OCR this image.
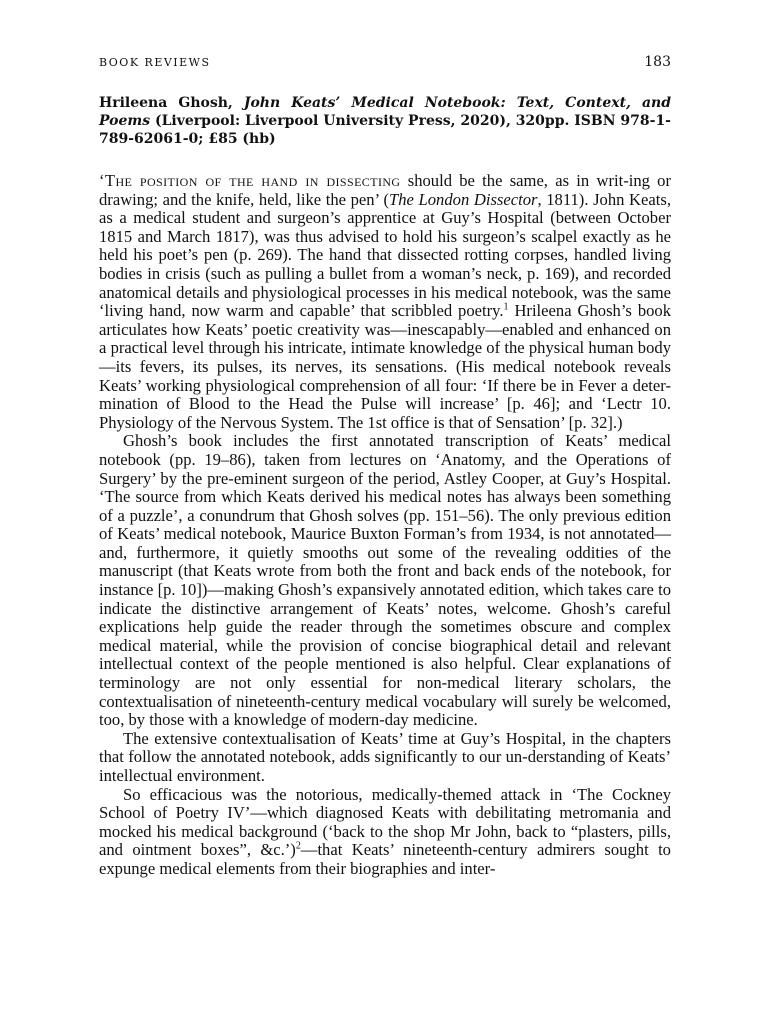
BOOK REVIEWS	183
Hrileena Ghosh, John Keats’ Medical Notebook: Text, Context, and Poems (Liverpool: Liverpool University Press, 2020), 320pp. ISBN 978-1-789-62061-0; £85 (hb)

‘The position of the hand in dissecting should be the same, as in writ-ing or drawing; and the knife, held, like the pen’ (The London Dissector, 1811). John Keats, as a medical student and surgeon’s apprentice at Guy’s Hospital (between October 1815 and March 1817), was thus advised to hold his surgeon’s scalpel exactly as he held his poet’s pen (p. 269). The hand that dissected rotting corpses, handled living bodies in crisis (such as pulling a bullet from a woman’s neck, p. 169), and recorded anatomical details and physiological processes in his medical notebook, was the same ‘living hand, now warm and capable’ that scribbled poetry.$^1$ Hrileena Ghosh’s book articulates how Keats’ poetic creativity was—inescapably—enabled and enhanced on a practical level through his intricate, intimate knowledge of the physical human body—its fevers, its pulses, its nerves, its sensations. (His medical notebook reveals Keats’ working physiological comprehension of all four: ‘If there be in Fever a deter-mination of Blood to the Head the Pulse will increase’ [p. 46]; and ‘Lectr 10. Physiology of the Nervous System. The 1st office is that of Sensation’ [p. 32].)

Ghosh’s book includes the first annotated transcription of Keats’ medical notebook (pp. 19–86), taken from lectures on ‘Anatomy, and the Operations of Surgery’ by the pre-eminent surgeon of the period, Astley Cooper, at Guy’s Hospital. ‘The source from which Keats derived his medical notes has always been something of a puzzle’, a conundrum that Ghosh solves (pp. 151–56). The only previous edition of Keats’ medical notebook, Maurice Buxton Forman’s from 1934, is not annotated—and, furthermore, it quietly smooths out some of the revealing oddities of the manuscript (that Keats wrote from both the front and back ends of the notebook, for instance [p. 10])—making Ghosh’s expansively annotated edition, which takes care to indicate the distinctive arrangement of Keats’ notes, welcome. Ghosh’s careful explications help guide the reader through the sometimes obscure and complex medical material, while the provision of concise biographical detail and relevant intellectual context of the people mentioned is also helpful. Clear explanations of terminology are not only essential for non-medical literary scholars, the contextualisation of nineteenth-century medical vocabulary will surely be welcomed, too, by those with a knowledge of modern-day medicine.

The extensive contextualisation of Keats’ time at Guy’s Hospital, in the chapters that follow the annotated notebook, adds significantly to our un-derstanding of Keats’ intellectual environment.

So efficacious was the notorious, medically-themed attack in ‘The Cockney School of Poetry IV’—which diagnosed Keats with debilitating metromania and mocked his medical background (‘back to the shop Mr John, back to “plasters, pills, and ointment boxes”, &c.’)$^2$—that Keats’ nineteenth-century admirers sought to expunge medical elements from their biographies and inter-
